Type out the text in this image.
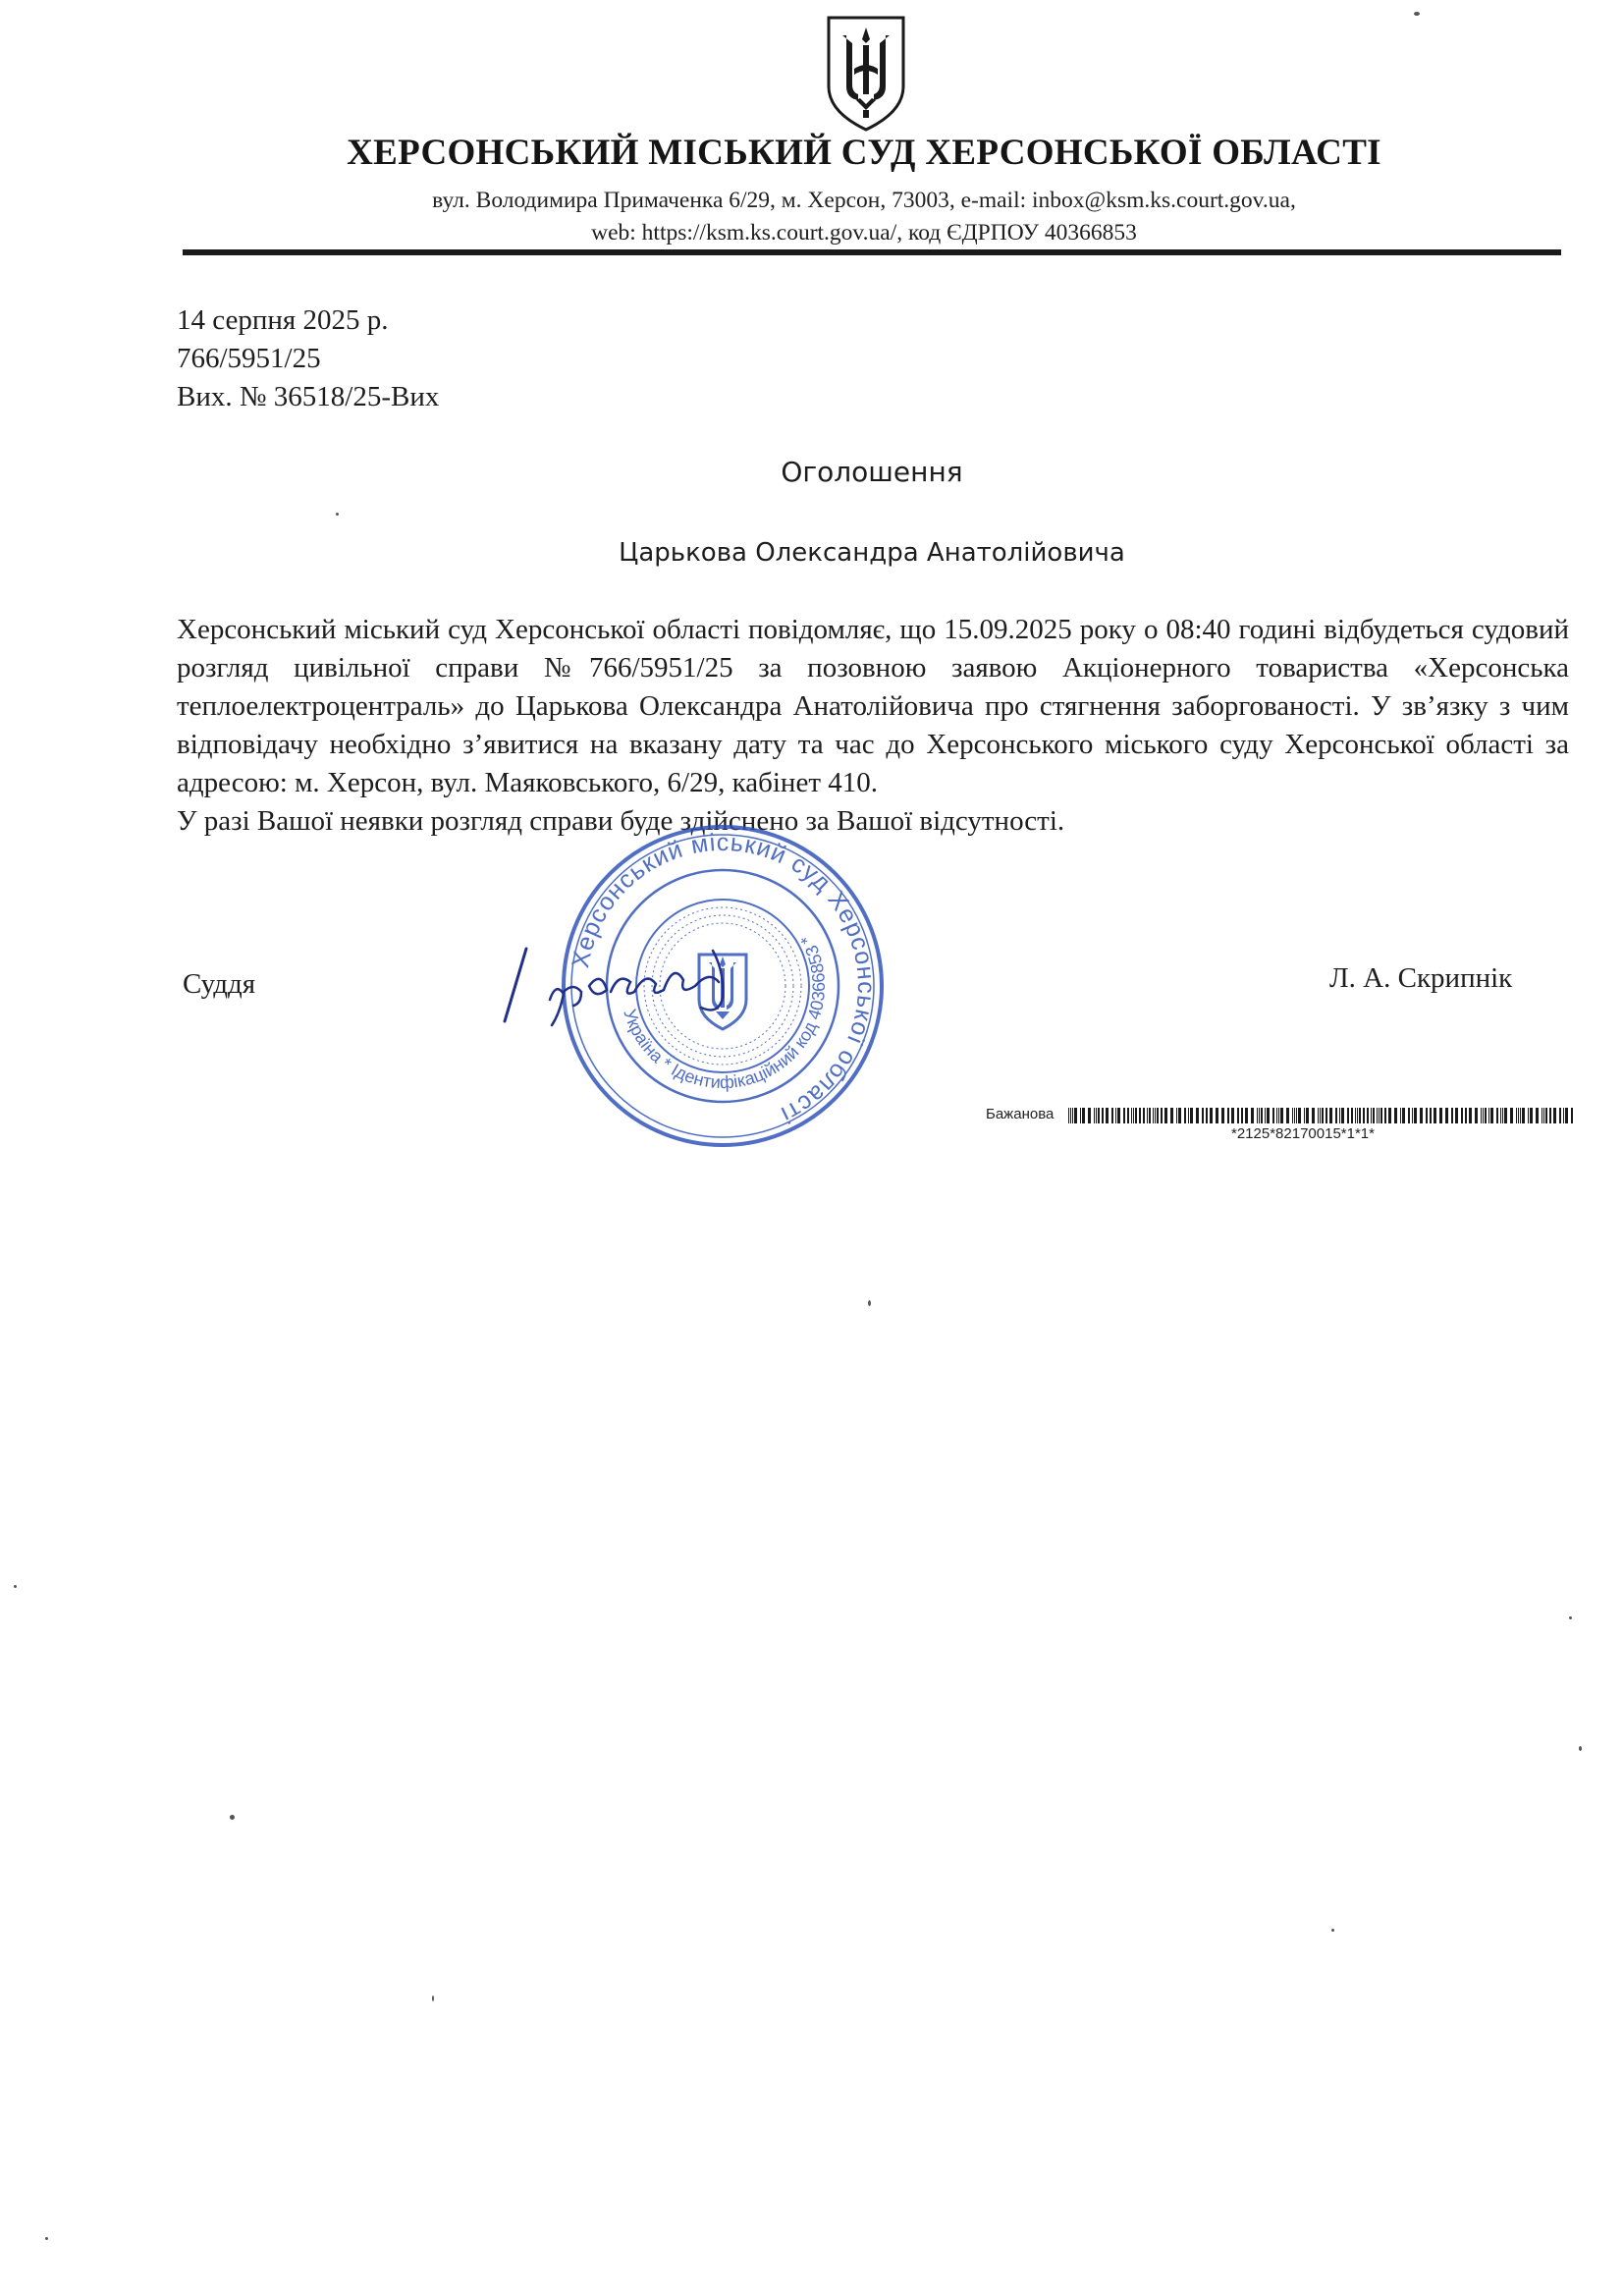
ХЕРСОНСЬКИЙ МІСЬКИЙ СУД ХЕРСОНСЬКОЇ ОБЛАСТІ
вул. Володимира Примаченка 6/29, м. Херсон, 73003, e-mail: inbox@ksm.ks.court.gov.ua,
web: https://ksm.ks.court.gov.ua/, код ЄДРПОУ 40366853
14 серпня 2025 р.
766/5951/25
Вих. № 36518/25-Вих
Оголошення
Царькова Олександра Анатолійовича
Херсонський міський суд Херсонської області повідомляє, що 15.09.2025 року о 08:40 годині відбудеться судовий розгляд цивільної справи №766/5951/25 за позовною заявою Акціонерного товариства «Херсонська теплоелектроцентраль» до Царькова Олександра Анатолійовича про стягнення заборгованості. У зв’язку з чим відповідачу необхідно з’явитися на вказану дату та час до Херсонського міського суду Херсонської області за адресою: м. Херсон, вул. Маяковського, 6/29, кабінет 410.
У разі Вашої неявки розгляд справи буде здійснено за Вашої відсутності.
Херсонський міський суд Херсонської області
Україна * Ідентифікаційний код 40366853 *
Суддя	Л. А. Скрипнік
Бажанова
*2125*82170015*1*1*
